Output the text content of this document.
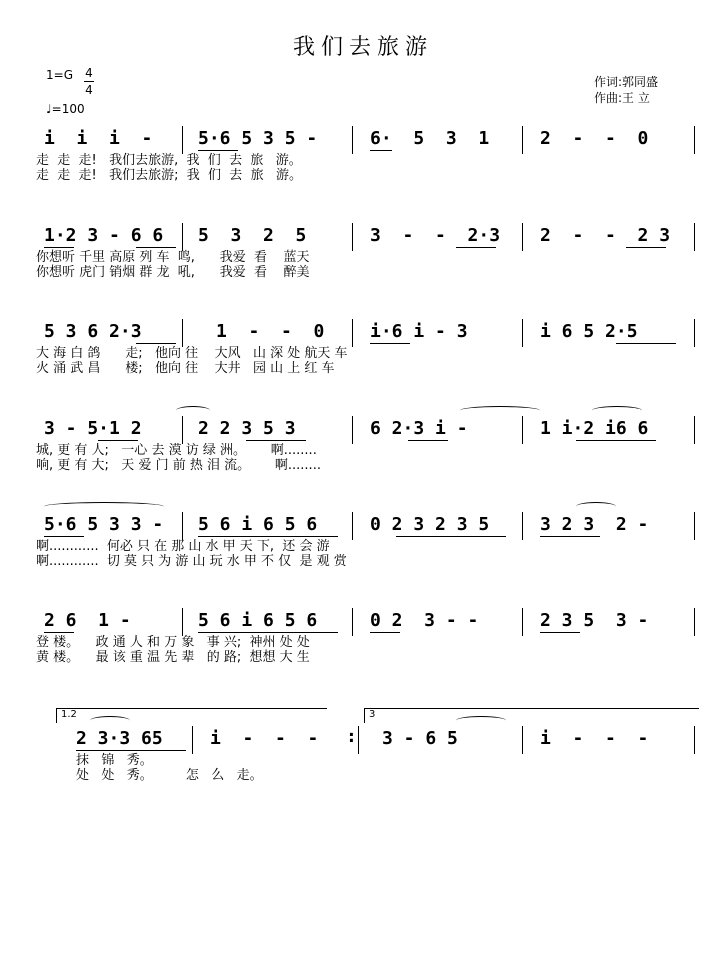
我们去旅游
1=G 4
4
♩=100
作词:郭同盛
作曲:王 立

i  i  i  -

	5·6 5 3 5 -

	6·  5  3  1

	2  -  -  0

走  走  走!   我们去旅游,  我  们  去  旅   游。
走  走  走!   我们去旅游;  我  们  去  旅   游。

1·2 3 - 6 6

5  3  2  5

	3  -  -  2·3

2  -  -  2 3

你想听 千里 高原 列 车  鸣,      我爱  看    蓝天
你想听 虎门 销烟 群 龙  吼,      我爱  看    醉美

5 3 6 2·3

	1  -  -  0

	i·6 i - 3

	i 6 5 2·5

大 海 白 鸽      走;   他向 往    大风   山 深 处 航天 车
火 涌 武 昌      楼;   他向 往    大井   园 山 上 红 车

3 - 5·1 2

	2 2 3 5 3

	6 2·3 i -

	1 i·2 i6 6

城, 更 有 人;   一心 去 漠 访 绿 洲。      啊........
响, 更 有 大;   天 爱 门 前 热 泪 流。      啊........

5·6 5 3 3 -

5 6 i 6 5 6

	0 2 3 2 3 5

	3 2 3  2 -

啊............  何必 只 在 那 山 水 甲 天 下,  还 会 游
啊............  切 莫 只 为 游 山 玩 水 甲 不 仅  是 观 赏

2 6  1 -

	5 6 i 6 5 6

	0 2  3 - -

	2 3 5  3 -

登 楼。    政 通 人 和 万 象   事 兴;  神州 处 处
黄 楼。    最 该 重 温 先 辈   的 路;  想想 大 生
1.2	3

2 3·3 65

	i  -  -  -

:

3 - 6 5

	i  -  -  -

抹   锦   秀。
处   处   秀。        怎   么   走。
